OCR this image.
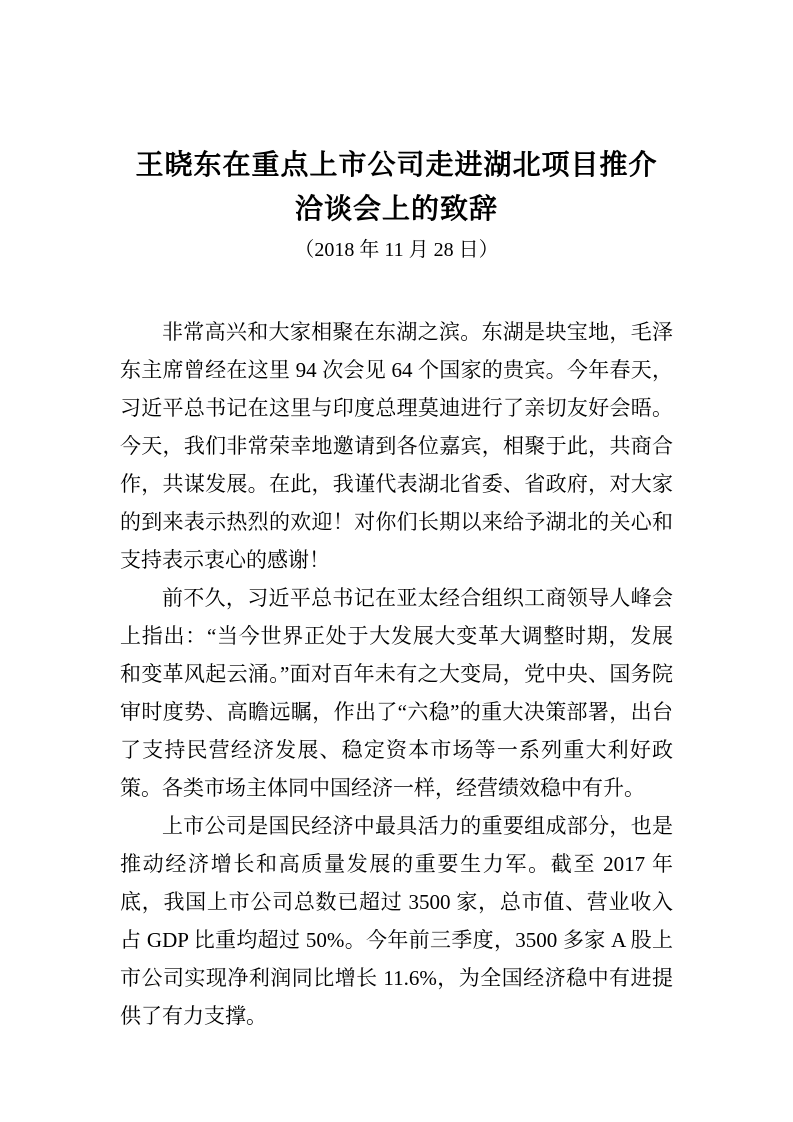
王晓东在重点上市公司走进湖北项目推介
洽谈会上的致辞
（2018 年 11 月 28 日）

非常高兴和大家相聚在东湖之滨。东湖是块宝地，毛泽东主席曾经在这里 94 次会见 64 个国家的贵宾。今年春天，习近平总书记在这里与印度总理莫迪进行了亲切友好会晤。今天，我们非常荣幸地邀请到各位嘉宾，相聚于此，共商合作，共谋发展。在此，我谨代表湖北省委、省政府，对大家的到来表示热烈的欢迎！对你们长期以来给予湖北的关心和支持表示衷心的感谢！

前不久，习近平总书记在亚太经合组织工商领导人峰会上指出：“当今世界正处于大发展大变革大调整时期，发展和变革风起云涌。”面对百年未有之大变局，党中央、国务院审时度势、高瞻远瞩，作出了“六稳”的重大决策部署，出台了支持民营经济发展、稳定资本市场等一系列重大利好政策。各类市场主体同中国经济一样，经营绩效稳中有升。

上市公司是国民经济中最具活力的重要组成部分，也是推动经济增长和高质量发展的重要生力军。截至 2017 年底，我国上市公司总数已超过 3500 家，总市值、营业收入占 GDP 比重均超过 50%。今年前三季度，3500 多家 A 股上市公司实现净利润同比增长 11.6%，为全国经济稳中有进提供了有力支撑。
